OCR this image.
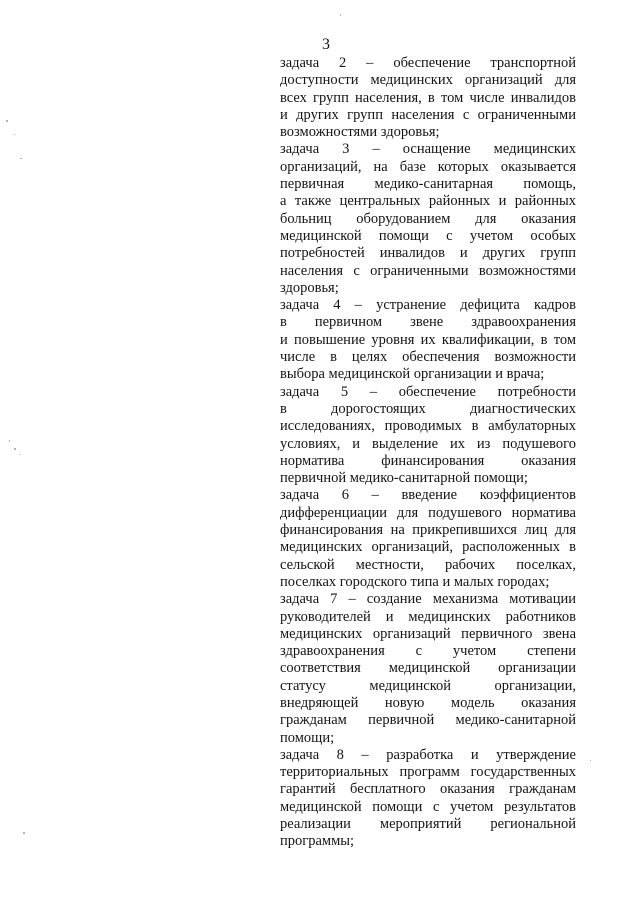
3
задача 2 – обеспечение транспортной
доступности медицинских организаций для
всех групп населения, в том числе инвалидов
и других групп населения с ограниченными
возможностями здоровья;
задача 3 – оснащение медицинских
организаций, на базе которых оказывается
первичная медико-санитарная помощь,
а также центральных районных и районных
больниц оборудованием для оказания
медицинской помощи с учетом особых
потребностей инвалидов и других групп
населения с ограниченными возможностями
здоровья;
задача 4 – устранение дефицита кадров
в первичном звене здравоохранения
и повышение уровня их квалификации, в том
числе в целях обеспечения возможности
выбора медицинской организации и врача;
задача 5 – обеспечение потребности
в дорогостоящих диагностических
исследованиях, проводимых в амбулаторных
условиях, и выделение их из подушевого
норматива финансирования оказания
первичной медико-санитарной помощи;
задача 6 – введение коэффициентов
дифференциации для подушевого норматива
финансирования на прикрепившихся лиц для
медицинских организаций, расположенных в
сельской местности, рабочих поселках,
поселках городского типа и малых городах;
задача 7 – создание механизма мотивации
руководителей и медицинских работников
медицинских организаций первичного звена
здравоохранения с учетом степени
соответствия медицинской организации
статусу медицинской организации,
внедряющей новую модель оказания
гражданам первичной медико-санитарной
помощи;
задача 8 – разработка и утверждение
территориальных программ государственных
гарантий бесплатного оказания гражданам
медицинской помощи с учетом результатов
реализации мероприятий региональной
программы;
